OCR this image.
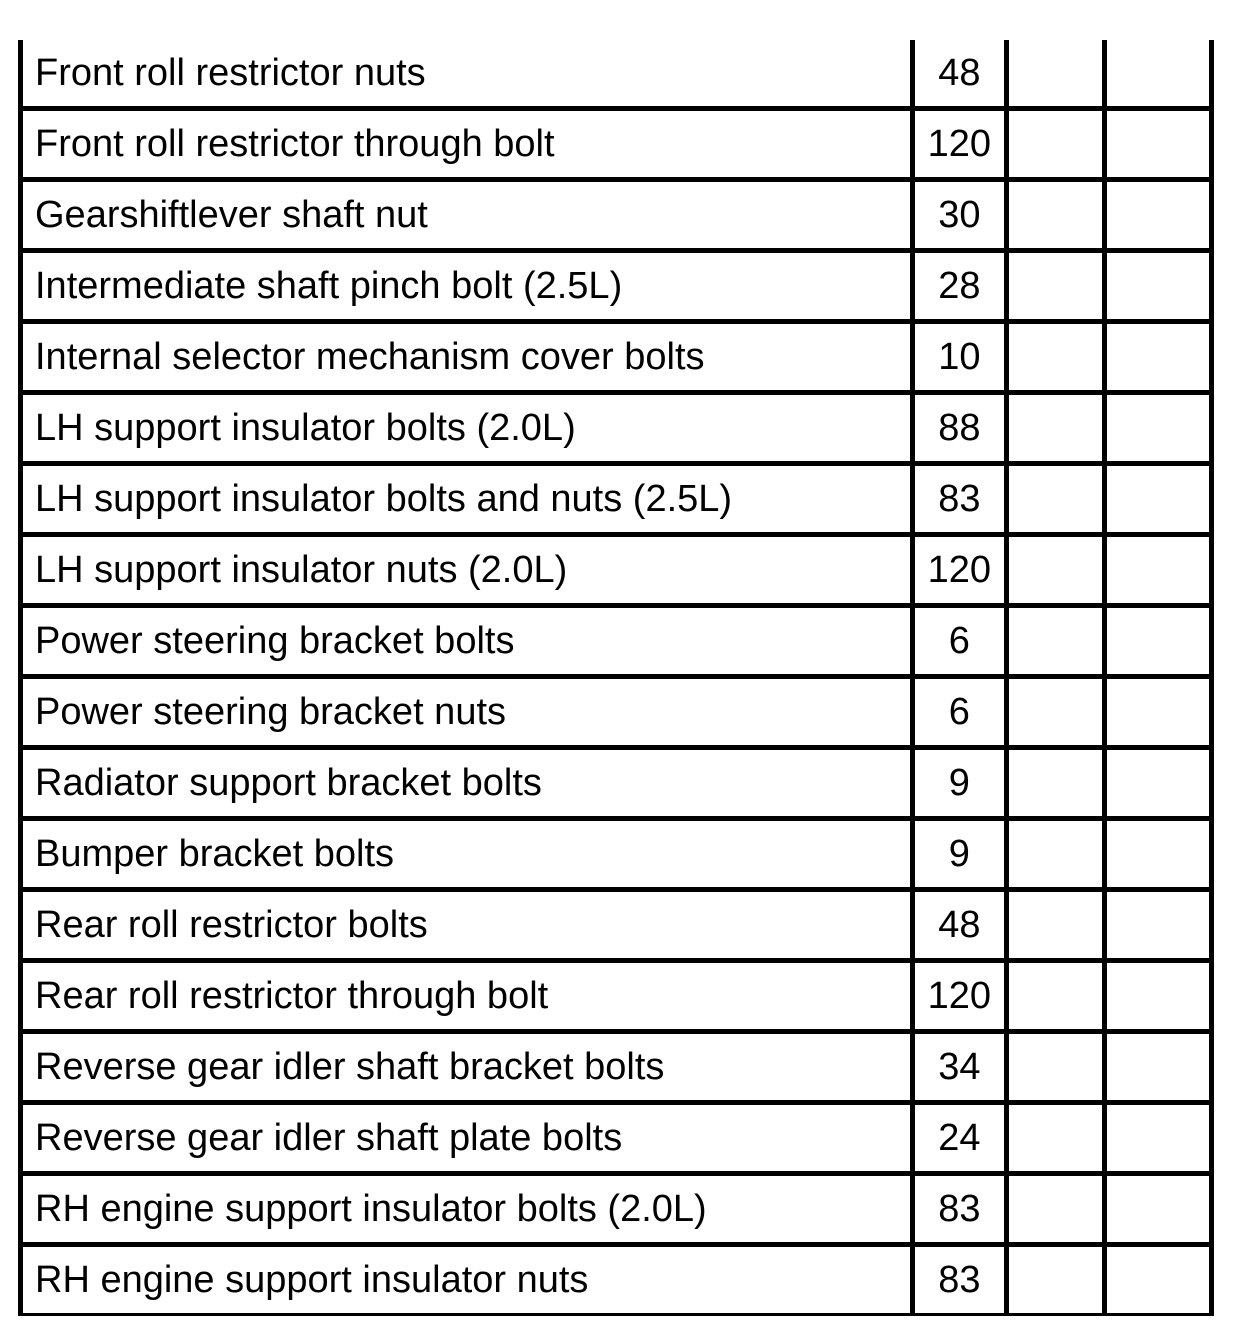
Front roll restrictor nuts	48		
Front roll restrictor through bolt	120		
Gearshiftlever shaft nut	30		
Intermediate shaft pinch bolt (2.5L)	28		
Internal selector mechanism cover bolts	10		
LH support insulator bolts (2.0L)	88		
LH support insulator bolts and nuts (2.5L)	83		
LH support insulator nuts (2.0L)	120		
Power steering bracket bolts	6		
Power steering bracket nuts	6		
Radiator support bracket bolts	9		
Bumper bracket bolts	9		
Rear roll restrictor bolts	48		
Rear roll restrictor through bolt	120		
Reverse gear idler shaft bracket bolts	34		
Reverse gear idler shaft plate bolts	24		
RH engine support insulator bolts (2.0L)	83		
RH engine support insulator nuts	83		
